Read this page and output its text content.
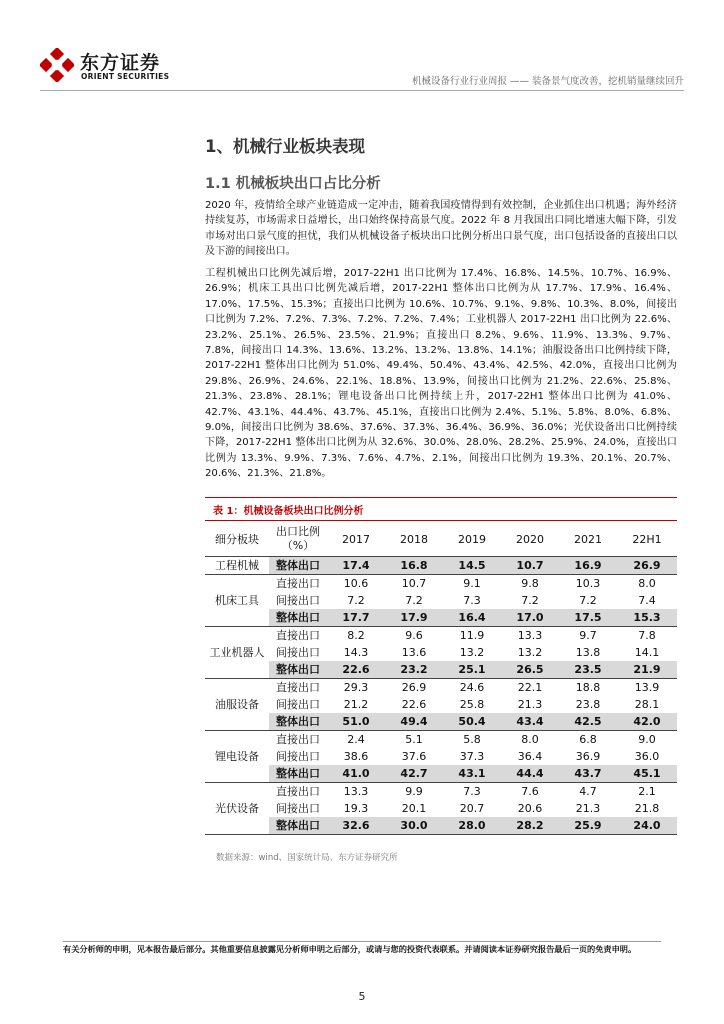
东方证券
ORIENT SECURITIES	机械设备行业行业周报 —— 装备景气度改善，挖机销量继续回升
1、机械行业板块表现
1.1 机械板块出口占比分析
2020 年，疫情给全球产业链造成一定冲击，随着我国疫情得到有效控制，企业抓住出口机遇；海外经济持续复苏，市场需求日益增长，出口始终保持高景气度。2022 年 8 月我国出口同比增速大幅下降，引发市场对出口景气度的担忧，我们从机械设备子板块出口比例分析出口景气度，出口包括设备的直接出口以及下游的间接出口。
工程机械出口比例先减后增，2017-22H1 出口比例为 17.4%、16.8%、14.5%、10.7%、16.9%、26.9%；机床工具出口比例先减后增，2017-22H1 整体出口比例为从 17.7%、17.9%、16.4%、17.0%、17.5%、15.3%；直接出口比例为 10.6%、10.7%、9.1%、9.8%、10.3%、8.0%，间接出口比例为 7.2%、7.2%、7.3%、7.2%、7.2%、7.4%；工业机器人 2017-22H1 出口比例为 22.6%、23.2%、25.1%、26.5%、23.5%、21.9%；直接出口 8.2%、9.6%、11.9%、13.3%、9.7%、7.8%，间接出口 14.3%、13.6%、13.2%、13.2%、13.8%、14.1%；油服设备出口比例持续下降，2017-22H1 整体出口比例为 51.0%、49.4%、50.4%、43.4%、42.5%、42.0%，直接出口比例为 29.8%、26.9%、24.6%、22.1%、18.8%、13.9%，间接出口比例为 21.2%、22.6%、25.8%、21.3%、23.8%、28.1%；锂电设备出口比例持续上升，2017-22H1 整体出口比例为 41.0%、42.7%、43.1%、44.4%、43.7%、45.1%，直接出口比例为 2.4%、5.1%、5.8%、8.0%、6.8%、9.0%，间接出口比例为 38.6%、37.6%、37.3%、36.4%、36.9%、36.0%；光伏设备出口比例持续下降，2017-22H1 整体出口比例为从 32.6%、30.0%、28.0%、28.2%、25.9%、24.0%，直接出口比例为 13.3%、9.9%、7.3%、7.6%、4.7%、2.1%，间接出口比例为 19.3%、20.1%、20.7%、20.6%、21.3%、21.8%。
表 1：机械设备板块出口比例分析
细分板块	出口比例
（%）	2017	2018	2019	2020	2021	22H1
工程机械	整体出口	17.4	16.8	14.5	10.7	16.9	26.9
机床工具	直接出口	10.6	10.7	9.1	9.8	10.3	8.0
	间接出口	7.2	7.2	7.3	7.2	7.2	7.4
	整体出口	17.7	17.9	16.4	17.0	17.5	15.3
工业机器人	直接出口	8.2	9.6	11.9	13.3	9.7	7.8
	间接出口	14.3	13.6	13.2	13.2	13.8	14.1
	整体出口	22.6	23.2	25.1	26.5	23.5	21.9
油服设备	直接出口	29.3	26.9	24.6	22.1	18.8	13.9
	间接出口	21.2	22.6	25.8	21.3	23.8	28.1
	整体出口	51.0	49.4	50.4	43.4	42.5	42.0
锂电设备	直接出口	2.4	5.1	5.8	8.0	6.8	9.0
	间接出口	38.6	37.6	37.3	36.4	36.9	36.0
	整体出口	41.0	42.7	43.1	44.4	43.7	45.1
光伏设备	直接出口	13.3	9.9	7.3	7.6	4.7	2.1
	间接出口	19.3	20.1	20.7	20.6	21.3	21.8
	整体出口	32.6	30.0	28.0	28.2	25.9	24.0
数据来源：wind、国家统计局、东方证券研究所
有关分析师的申明，见本报告最后部分。其他重要信息披露见分析师申明之后部分，或请与您的投资代表联系。并请阅读本证券研究报告最后一页的免责申明。
5
